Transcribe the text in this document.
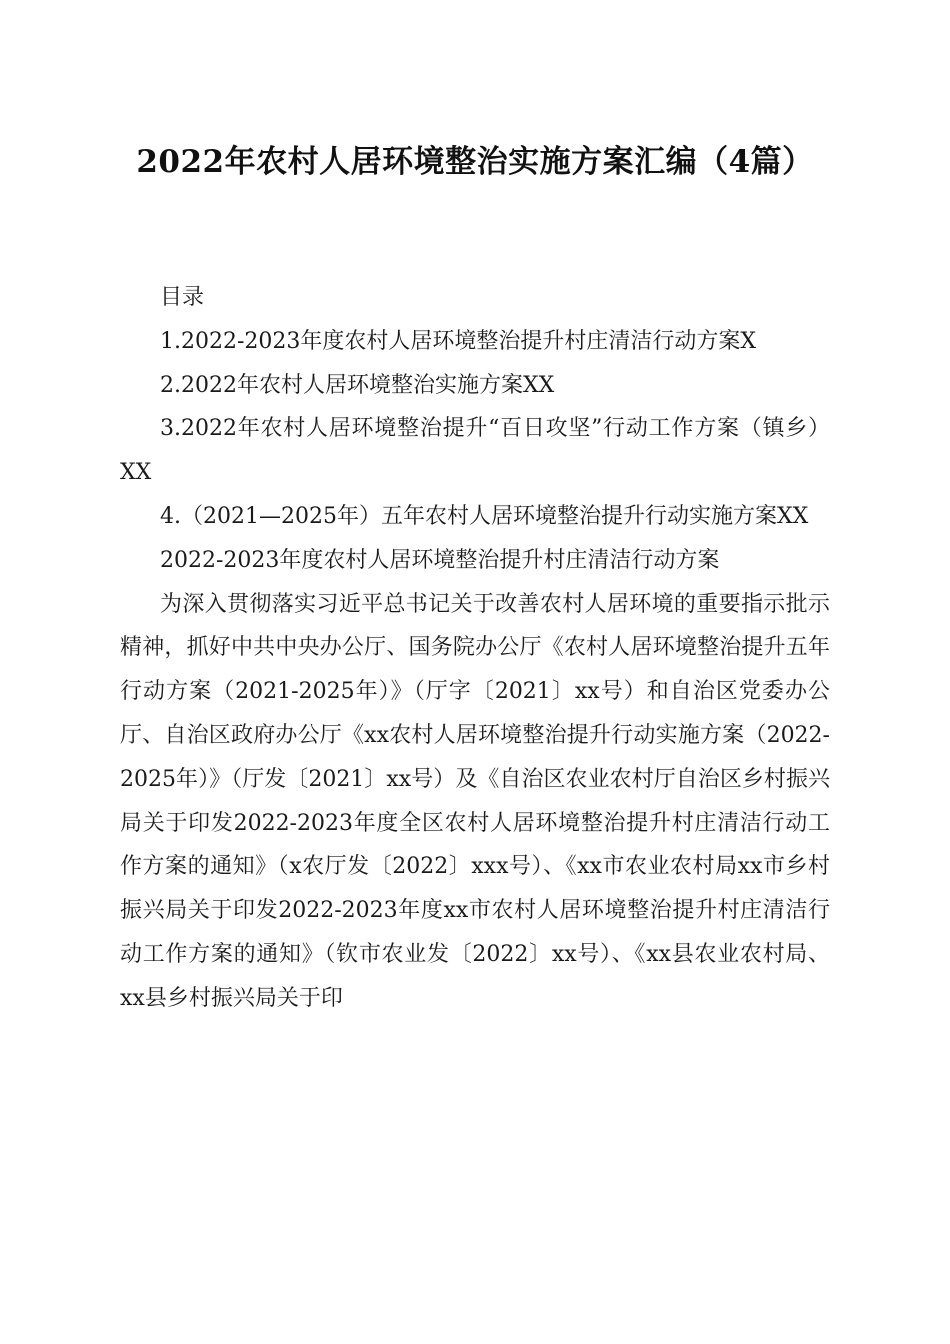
2022年农村人居环境整治实施方案汇编（4篇）

目录

1.2022-2023年度农村人居环境整治提升村庄清洁行动方案X

2.2022年农村人居环境整治实施方案XX

3.2022年农村人居环境整治提升“百日攻坚”行动工作方案（镇乡）XX

4.（2021—2025年）五年农村人居环境整治提升行动实施方案XX

2022-2023年度农村人居环境整治提升村庄清洁行动方案

为深入贯彻落实习近平总书记关于改善农村人居环境的重要指示批示精神，抓好中共中央办公厅、国务院办公厅《农村人居环境整治提升五年行动方案（2021-2025年）》（厅字〔2021〕xx号）和自治区党委办公厅、自治区政府办公厅《xx农村人居环境整治提升行动实施方案（2022-2025年）》（厅发〔2021〕xx号）及《自治区农业农村厅自治区乡村振兴局关于印发2022-2023年度全区农村人居环境整治提升村庄清洁行动工作方案的通知》（x农厅发〔2022〕xxx号）、《xx市农业农村局xx市乡村振兴局关于印发2022-2023年度xx市农村人居环境整治提升村庄清洁行动工作方案的通知》（钦市农业发〔2022〕xx号）、《xx县农业农村局、xx县乡村振兴局关于印
